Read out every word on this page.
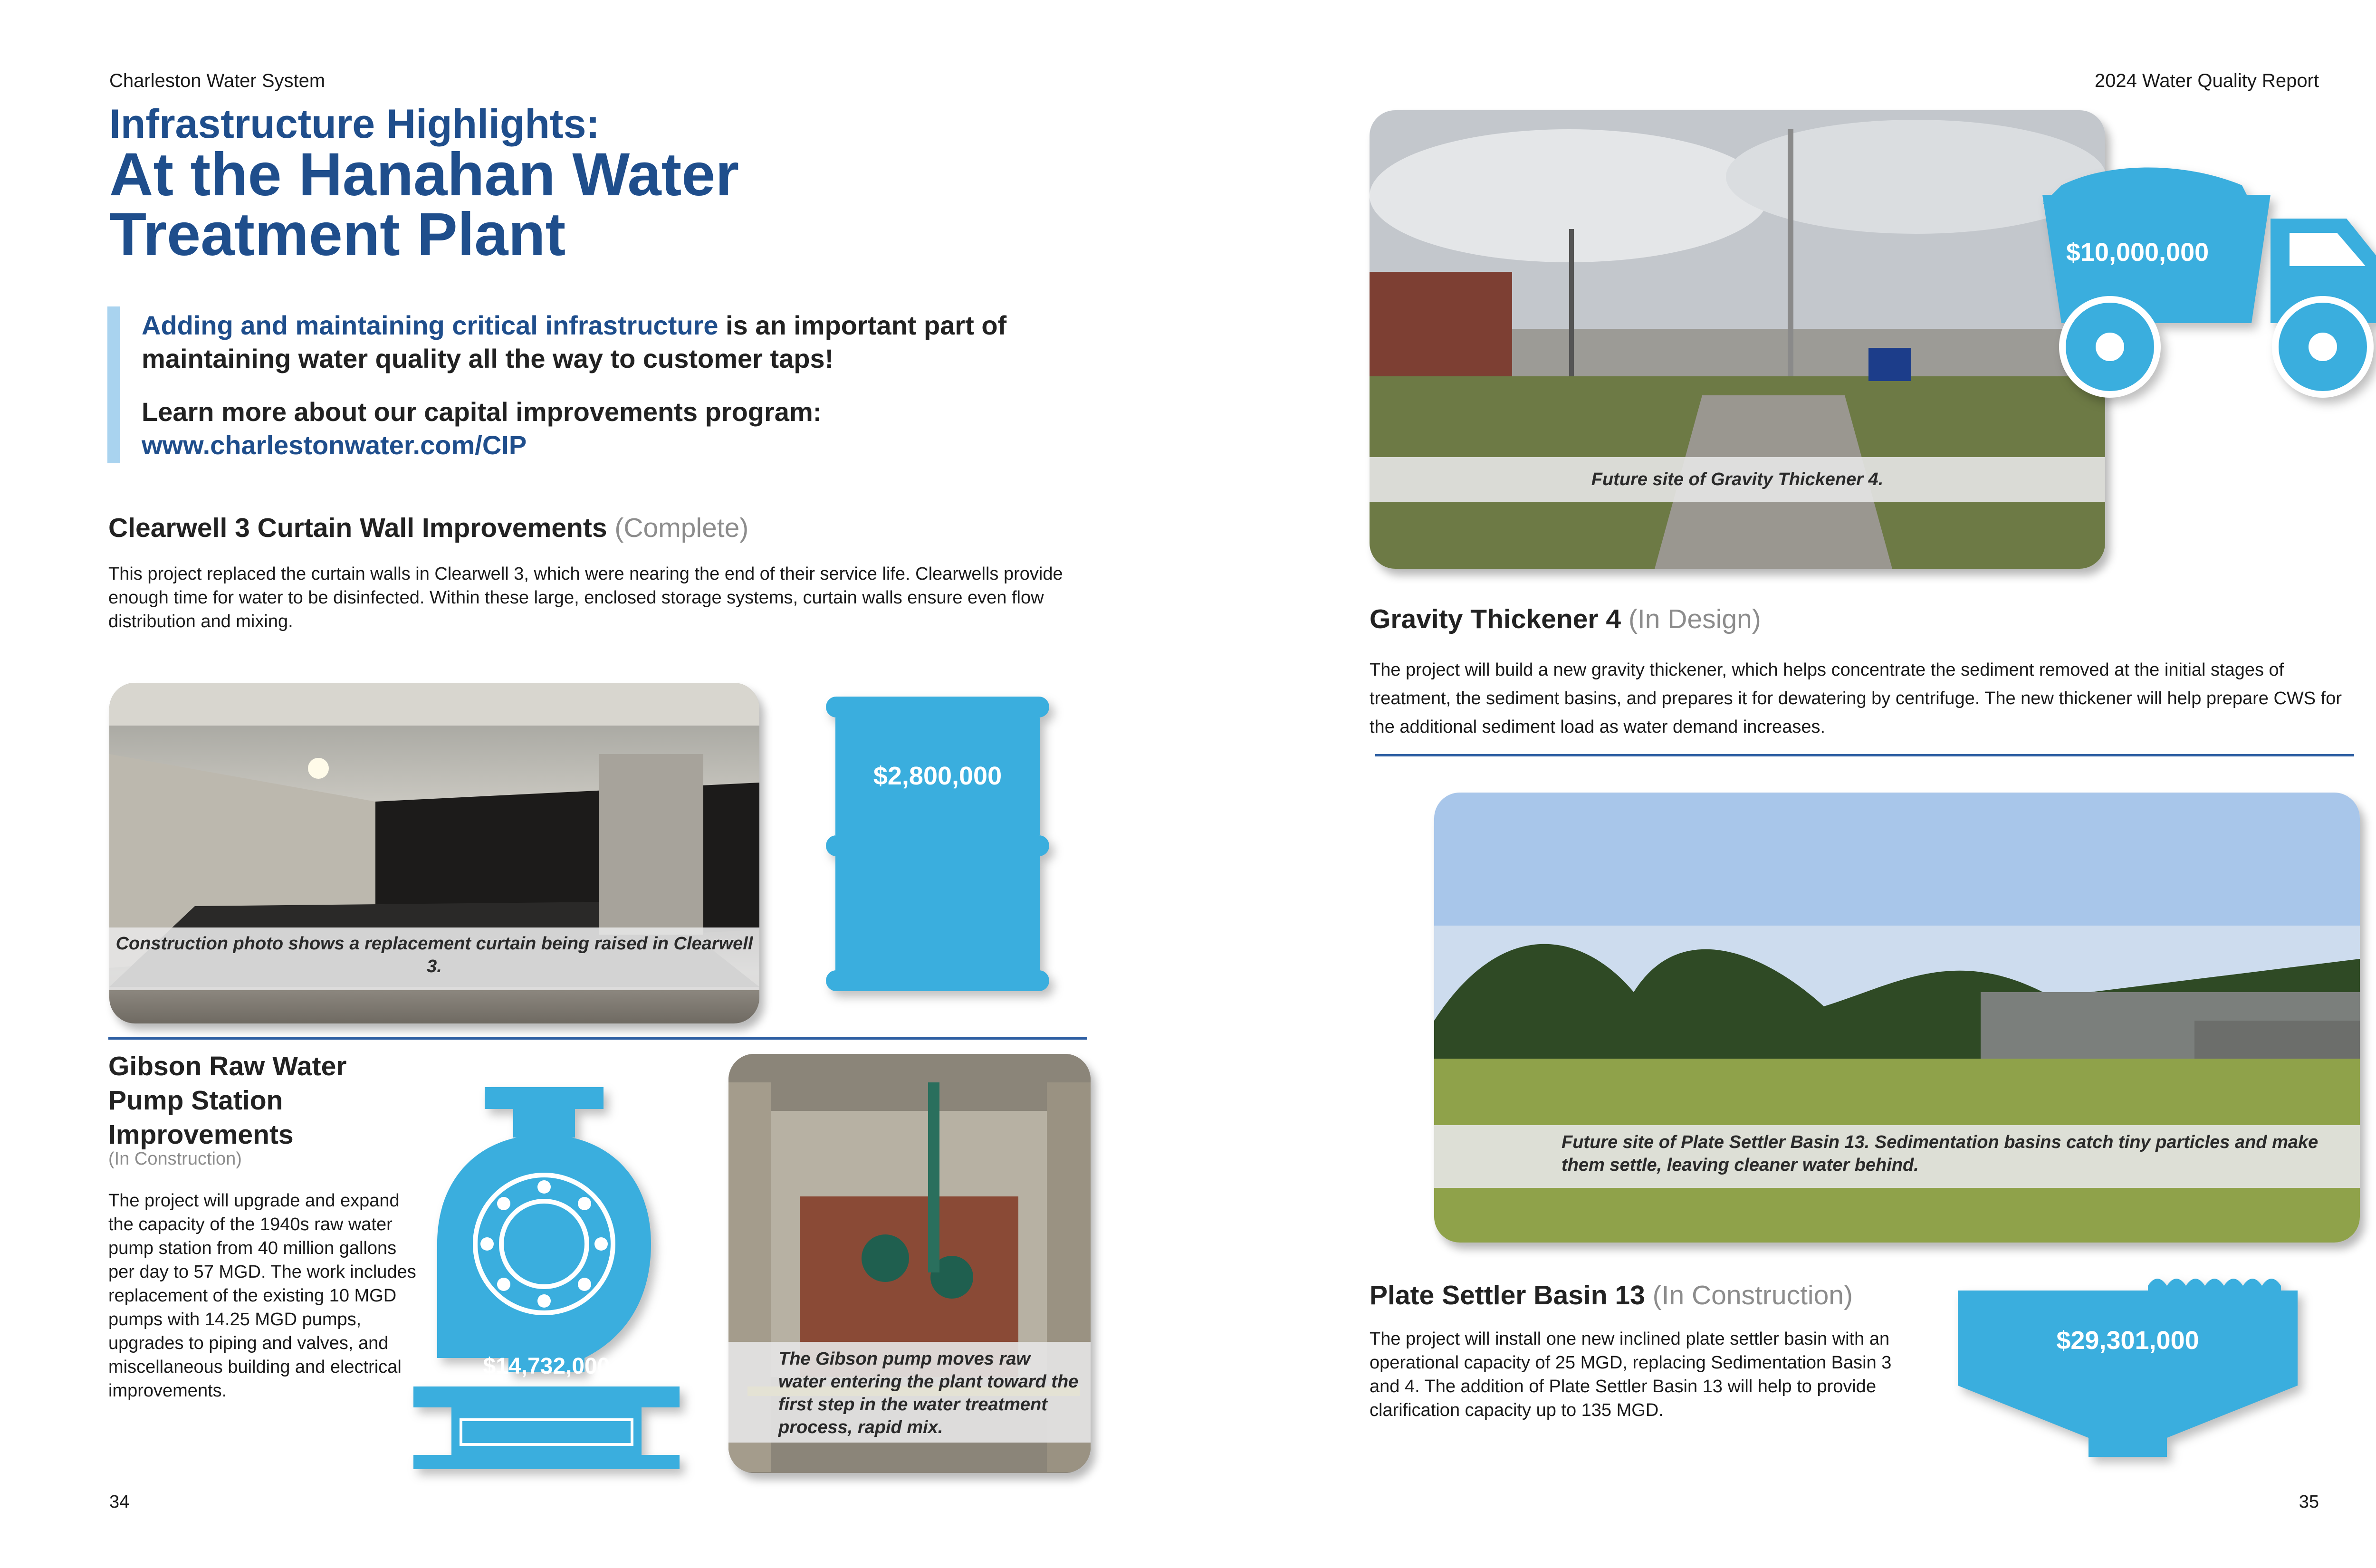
Charleston Water System
Infrastructure Highlights:
At the Hanahan Water Treatment Plant
Adding and maintaining critical infrastructure is an important part of maintaining water quality all the way to customer taps!
Learn more about our capital improvements program:
www.charlestonwater.com/CIP
Clearwell 3 Curtain Wall Improvements (Complete)
This project replaced the curtain walls in Clearwell 3, which were nearing the end of their service life. Clearwells provide enough time for water to be disinfected. Within these large, enclosed storage systems, curtain walls ensure even flow distribution and mixing.
Construction photo shows a replacement curtain being raised in Clearwell 3.
$2,800,000
Gibson Raw Water
Pump Station
Improvements
(In Construction)
The project will upgrade and expand the capacity of the 1940s raw water pump station from 40 million gallons per day to 57 MGD. The work includes replacement of the existing 10 MGD pumps with 14.25 MGD pumps, upgrades to piping and valves, and miscellaneous building and electrical improvements.
$14,732,000	The Gibson pump moves raw water entering the plant toward the first step in the water treatment process, rapid mix.
34
2024 Water Quality Report
Future site of Gravity Thickener 4.
$10,000,000
Gravity Thickener 4 (In Design)
The project will build a new gravity thickener, which helps concentrate the sediment removed at the initial stages of treatment, the sediment basins, and prepares it for dewatering by centrifuge. The new thickener will help prepare CWS for the additional sediment load as water demand increases.
Future site of Plate Settler Basin 13. Sedimentation basins catch tiny particles and make them settle, leaving cleaner water behind.
Plate Settler Basin 13 (In Construction)
The project will install one new inclined plate settler basin with an operational capacity of 25 MGD, replacing Sedimentation Basin 3 and 4. The addition of Plate Settler Basin 13 will help to provide clarification capacity up to 135 MGD.
$29,301,000
35
